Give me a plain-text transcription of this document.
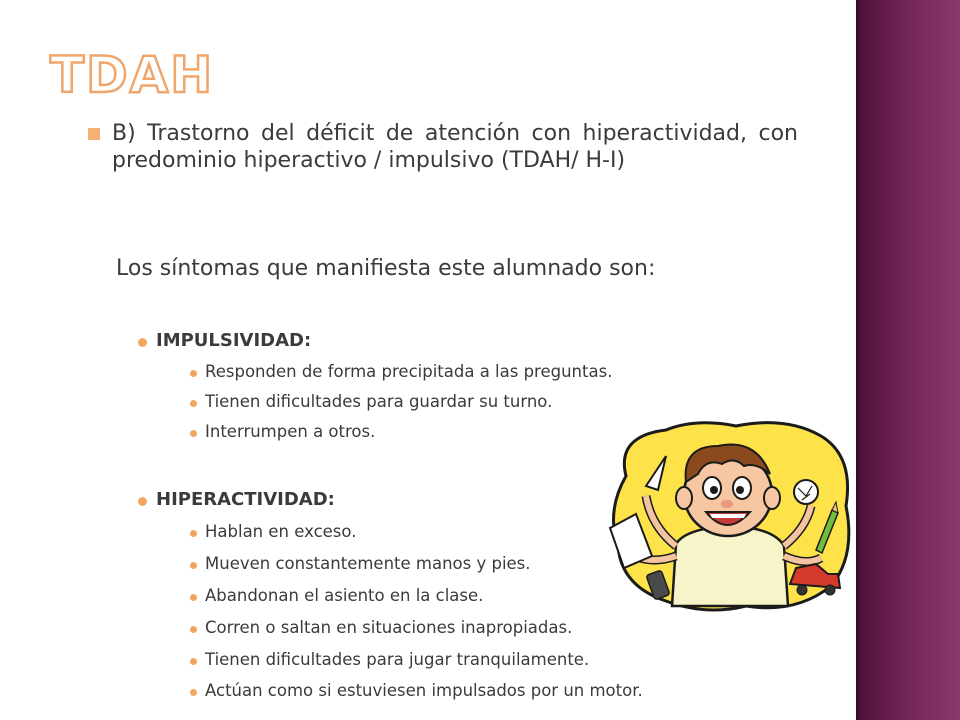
TDAH
B) Trastorno del déficit de atención con hiperactividad, con predominio hiperactivo / impulsivo (TDAH/ H-I)
Los síntomas que manifiesta este alumnado son:
IMPULSIVIDAD:
Responden de forma precipitada a las preguntas.
Tienen dificultades para guardar su turno.
Interrumpen a otros.
HIPERACTIVIDAD:
Hablan en exceso.
Mueven constantemente manos y pies.
Abandonan el asiento en la clase.
Corren o saltan en situaciones inapropiadas.
Tienen dificultades para jugar tranquilamente.
Actúan como si estuviesen impulsados por un motor.
